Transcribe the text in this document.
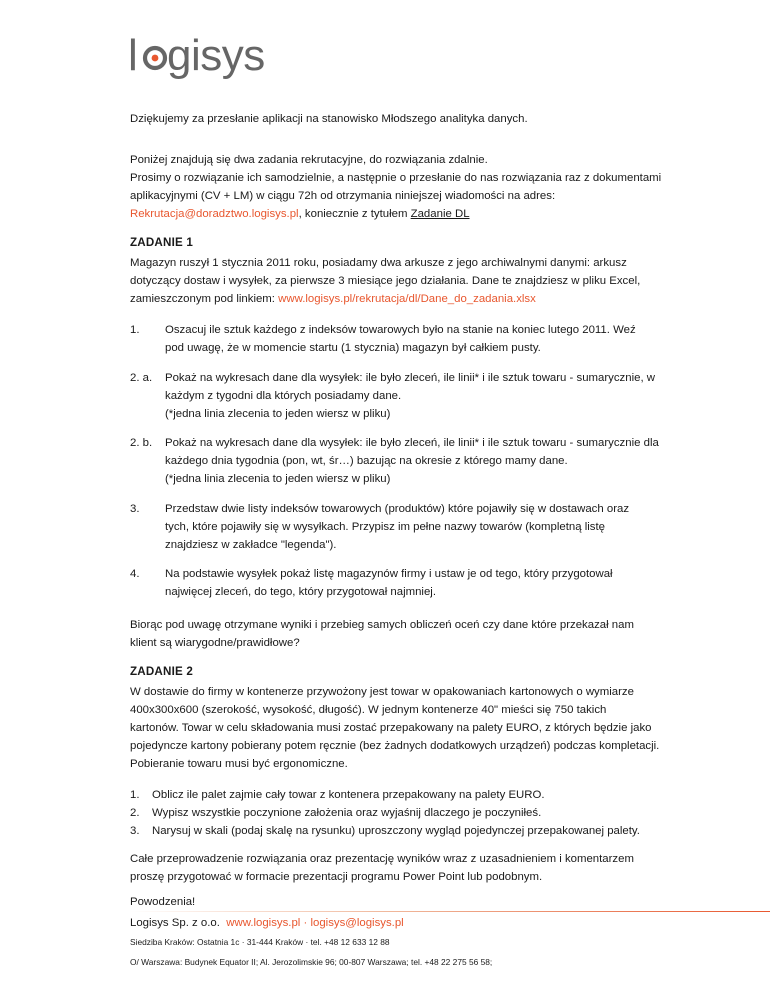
l gisys

Dziękujemy za przesłanie aplikacji na stanowisko Młodszego analityka danych.

Poniżej znajdują się dwa zadania rekrutacyjne, do rozwiązania zdalnie.

Prosimy o rozwiązanie ich samodzielnie, a następnie o przesłanie do nas rozwiązania raz z dokumentami

aplikacyjnymi (CV + LM) w ciągu 72h od otrzymania niniejszej wiadomości na adres:

Rekrutacja@doradztwo.logisys.pl, koniecznie z tytułem Zadanie DL

ZADANIE 1

Magazyn ruszył 1 stycznia 2011 roku, posiadamy dwa arkusze z jego archiwalnymi danymi: arkusz

dotyczący dostaw i wysyłek, za pierwsze 3 miesiące jego działania. Dane te znajdziesz w pliku Excel,

zamieszczonym pod linkiem: www.logisys.pl/rekrutacja/dl/Dane_do_zadania.xlsx

1. Oszacuj ile sztuk każdego z indeksów towarowych było na stanie na koniec lutego 2011. Weź
pod uwagę, że w momencie startu (1 stycznia) magazyn był całkiem pusty.
2. a. Pokaż na wykresach dane dla wysyłek: ile było zleceń, ile linii* i ile sztuk towaru - sumarycznie, w
każdym z tygodni dla których posiadamy dane.
(*jedna linia zlecenia to jeden wiersz w pliku)
2. b. Pokaż na wykresach dane dla wysyłek: ile było zleceń, ile linii* i ile sztuk towaru - sumarycznie dla
każdego dnia tygodnia (pon, wt, śr…) bazując na okresie z którego mamy dane.
(*jedna linia zlecenia to jeden wiersz w pliku)
3. Przedstaw dwie listy indeksów towarowych (produktów) które pojawiły się w dostawach oraz
tych, które pojawiły się w wysyłkach. Przypisz im pełne nazwy towarów (kompletną listę
znajdziesz w zakładce "legenda").
4. Na podstawie wysyłek pokaż listę magazynów firmy i ustaw je od tego, który przygotował
najwięcej zleceń, do tego, który przygotował najmniej.

Biorąc pod uwagę otrzymane wyniki i przebieg samych obliczeń oceń czy dane które przekazał nam

klient są wiarygodne/prawidłowe?

ZADANIE 2

W dostawie do firmy w kontenerze przywożony jest towar w opakowaniach kartonowych o wymiarze

400x300x600 (szerokość, wysokość, długość). W jednym kontenerze 40" mieści się 750 takich

kartonów. Towar w celu składowania musi zostać przepakowany na palety EURO, z których będzie jako

pojedyncze kartony pobierany potem ręcznie (bez żadnych dodatkowych urządzeń) podczas kompletacji.

Pobieranie towaru musi być ergonomiczne.

1. Oblicz ile palet zajmie cały towar z kontenera przepakowany na palety EURO.
2. Wypisz wszystkie poczynione założenia oraz wyjaśnij dlaczego je poczyniłeś.
3. Narysuj w skali (podaj skalę na rysunku) uproszczony wygląd pojedynczej przepakowanej palety.

Całe przeprowadzenie rozwiązania oraz prezentację wyników wraz z uzasadnieniem i komentarzem

proszę przygotować w formacie prezentacji programu Power Point lub podobnym.

Powodzenia!

Logisys Sp. z o.o. www.logisys.pl · logisys@logisys.pl
Siedziba Kraków: Ostatnia 1c · 31-444 Kraków · tel. +48 12 633 12 88
O/ Warszawa: Budynek Equator II; Al. Jerozolimskie 96; 00-807 Warszawa; tel. +48 22 275 56 58;
